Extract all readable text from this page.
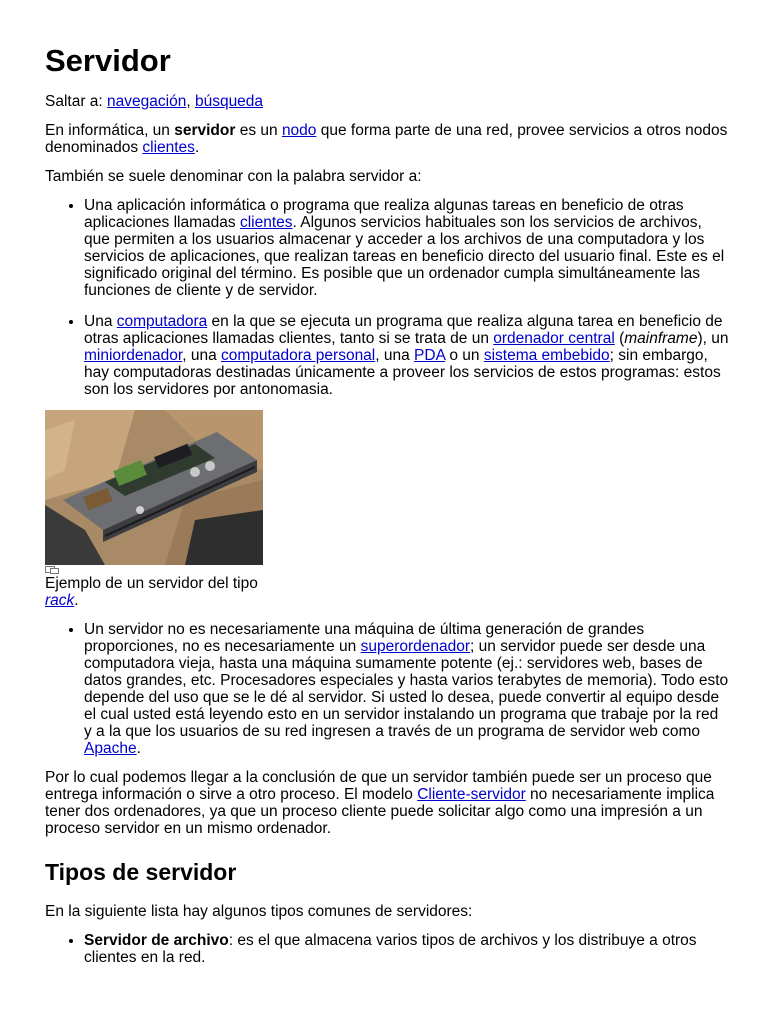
Servidor

Saltar a: navegación, búsqueda

En informática, un servidor es un nodo que forma parte de una red, provee servicios a otros nodos denominados clientes.

También se suele denominar con la palabra servidor a:

• Una aplicación informática o programa que realiza algunas tareas en beneficio de otras aplicaciones llamadas clientes. Algunos servicios habituales son los servicios de archivos, que permiten a los usuarios almacenar y acceder a los archivos de una computadora y los servicios de aplicaciones, que realizan tareas en beneficio directo del usuario final. Este es el significado original del término. Es posible que un ordenador cumpla simultáneamente las funciones de cliente y de servidor.
• Una computadora en la que se ejecuta un programa que realiza alguna tarea en beneficio de otras aplicaciones llamadas clientes, tanto si se trata de un ordenador central (mainframe), un miniordenador, una computadora personal, una PDA o un sistema embebido; sin embargo, hay computadoras destinadas únicamente a proveer los servicios de estos programas: estos son los servidores por antonomasia.
Ejemplo de un servidor del tipo
rack.
• Un servidor no es necesariamente una máquina de última generación de grandes proporciones, no es necesariamente un superordenador; un servidor puede ser desde una computadora vieja, hasta una máquina sumamente potente (ej.: servidores web, bases de datos grandes, etc. Procesadores especiales y hasta varios terabytes de memoria). Todo esto depende del uso que se le dé al servidor. Si usted lo desea, puede convertir al equipo desde el cual usted está leyendo esto en un servidor instalando un programa que trabaje por la red y a la que los usuarios de su red ingresen a través de un programa de servidor web como Apache.

Por lo cual podemos llegar a la conclusión de que un servidor también puede ser un proceso que entrega información o sirve a otro proceso. El modelo Cliente-servidor no necesariamente implica tener dos ordenadores, ya que un proceso cliente puede solicitar algo como una impresión a un proceso servidor en un mismo ordenador.

Tipos de servidor

En la siguiente lista hay algunos tipos comunes de servidores:

• Servidor de archivo: es el que almacena varios tipos de archivos y los distribuye a otros clientes en la red.
